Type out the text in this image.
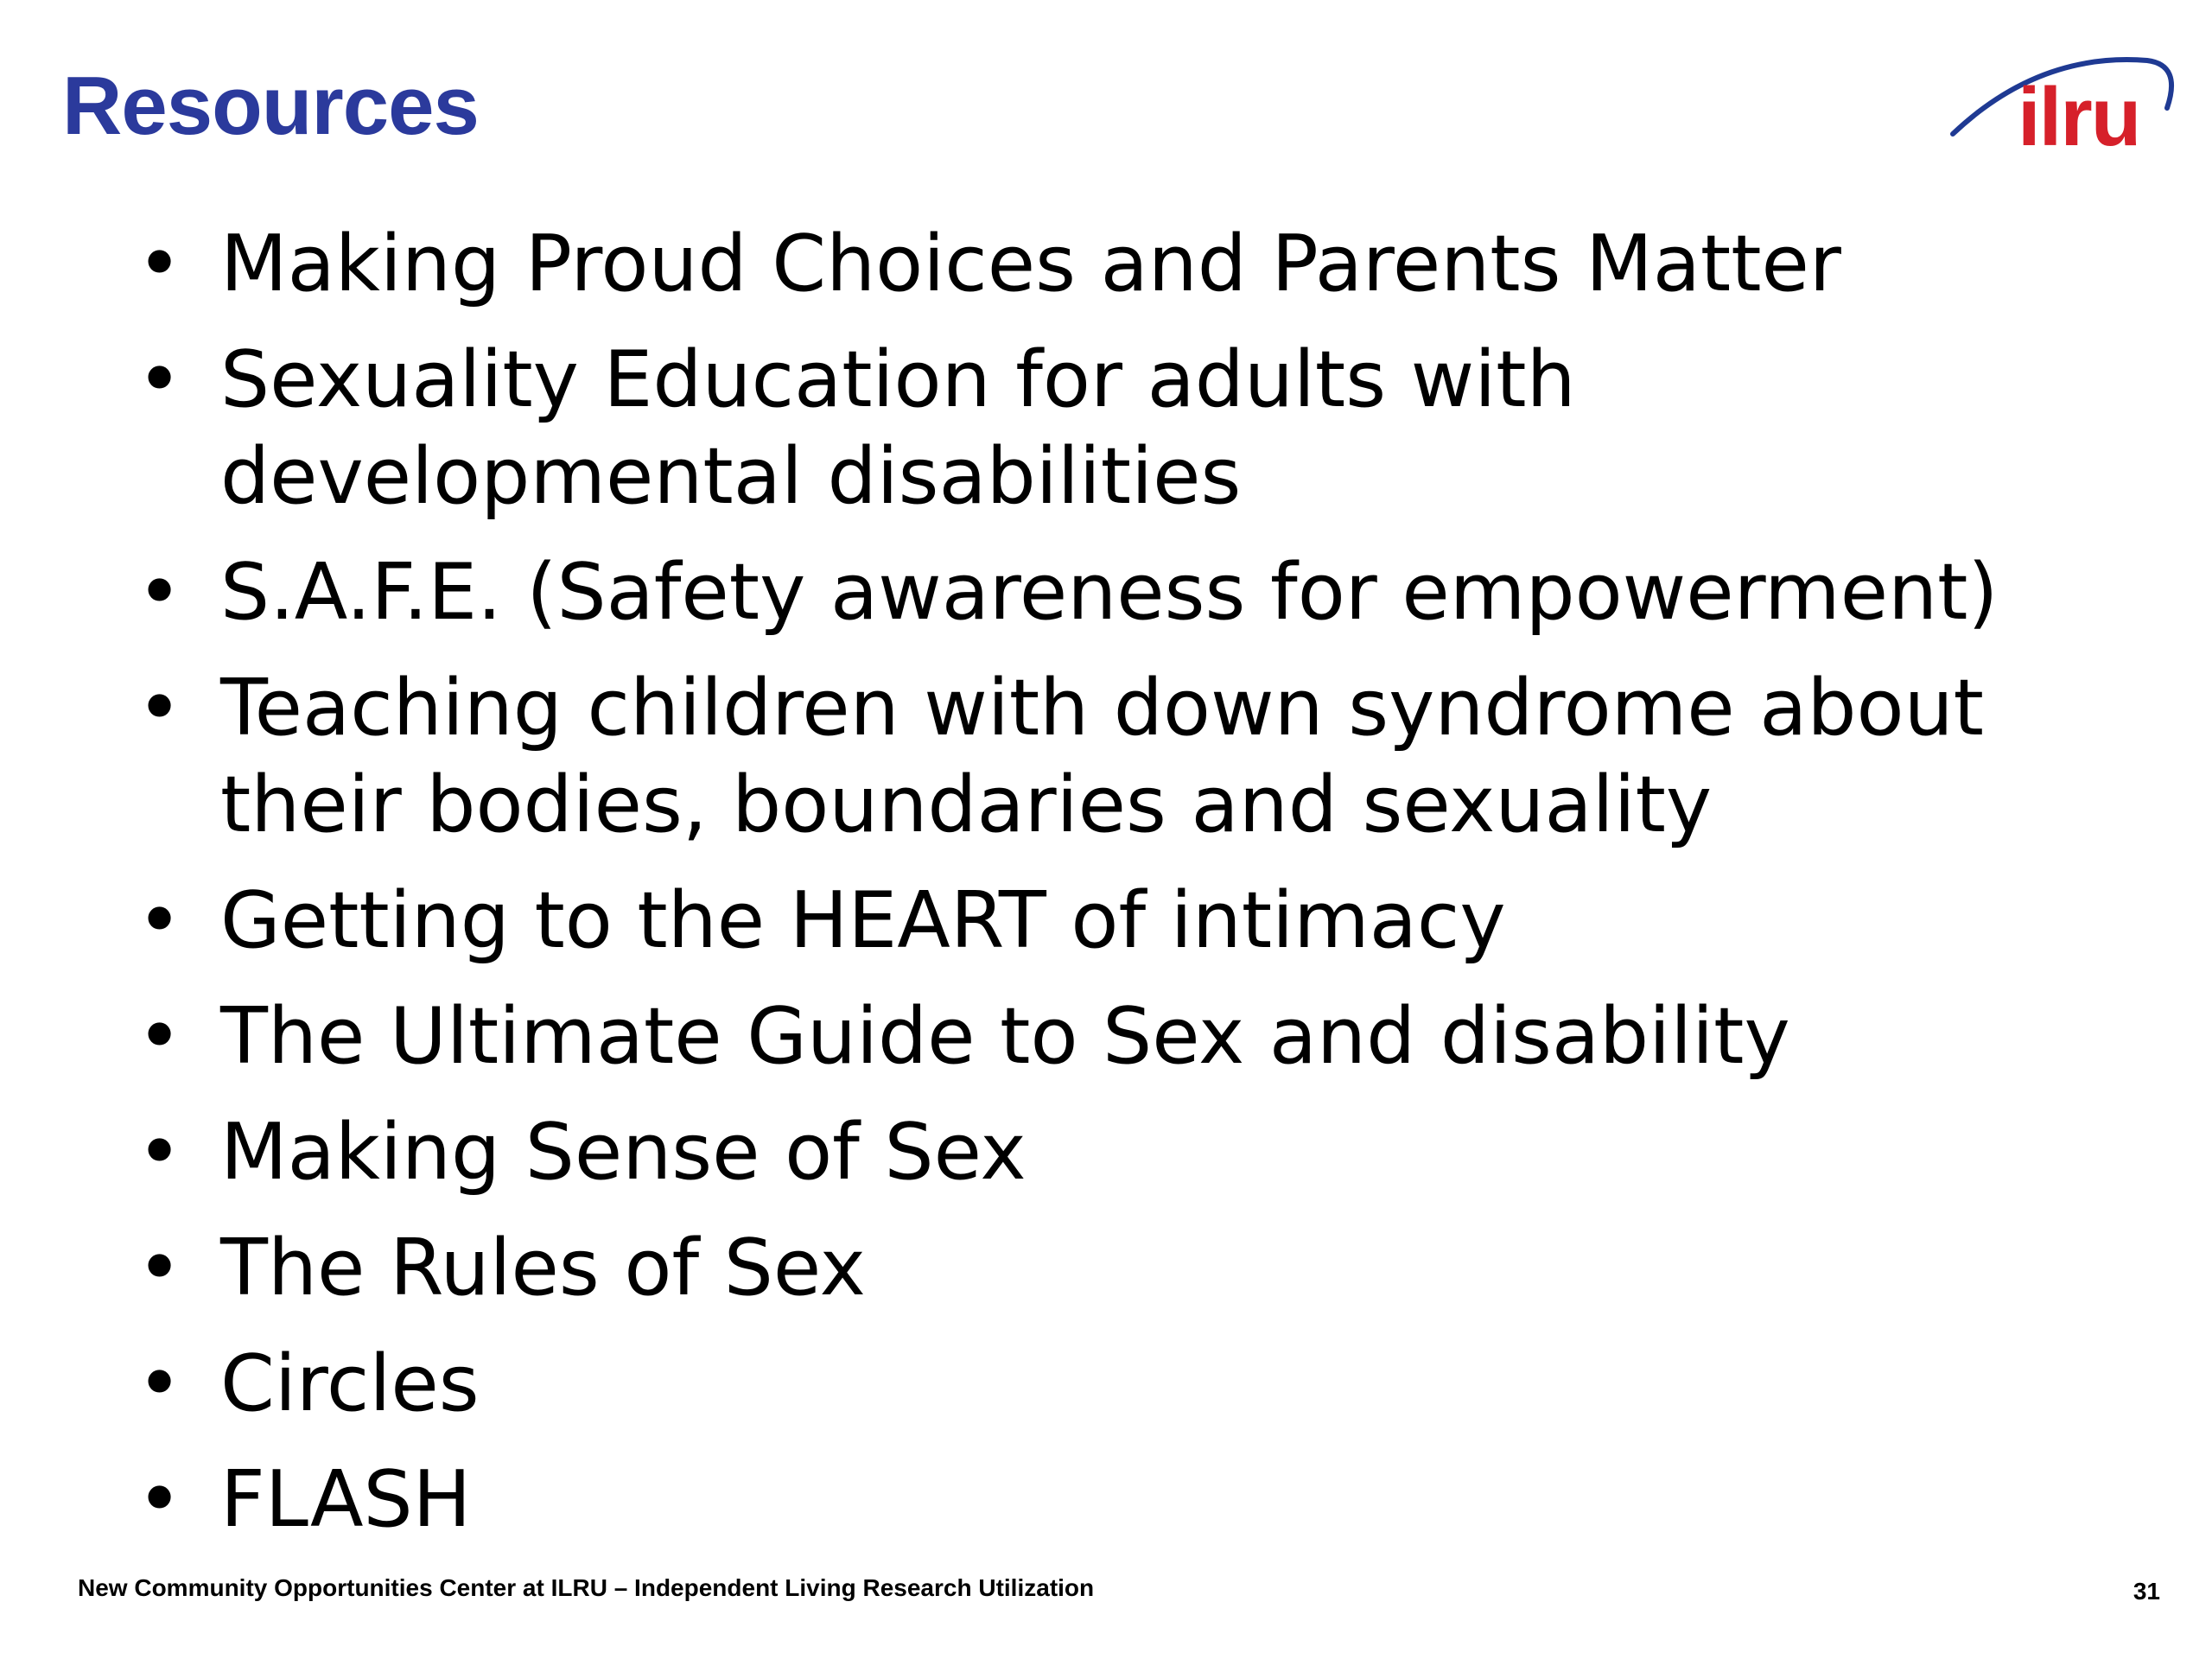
Resources	ilru
• Making Proud Choices and Parents Matter
• Sexuality Education for adults with developmental disabilities
• S.A.F.E. (Safety awareness for empowerment)
• Teaching children with down syndrome about their bodies, boundaries and sexuality
• Getting to the HEART of intimacy
• The Ultimate Guide to Sex and disability
• Making Sense of Sex
• The Rules of Sex
• Circles
• FLASH
New Community Opportunities Center at ILRU – Independent Living Research Utilization	31
